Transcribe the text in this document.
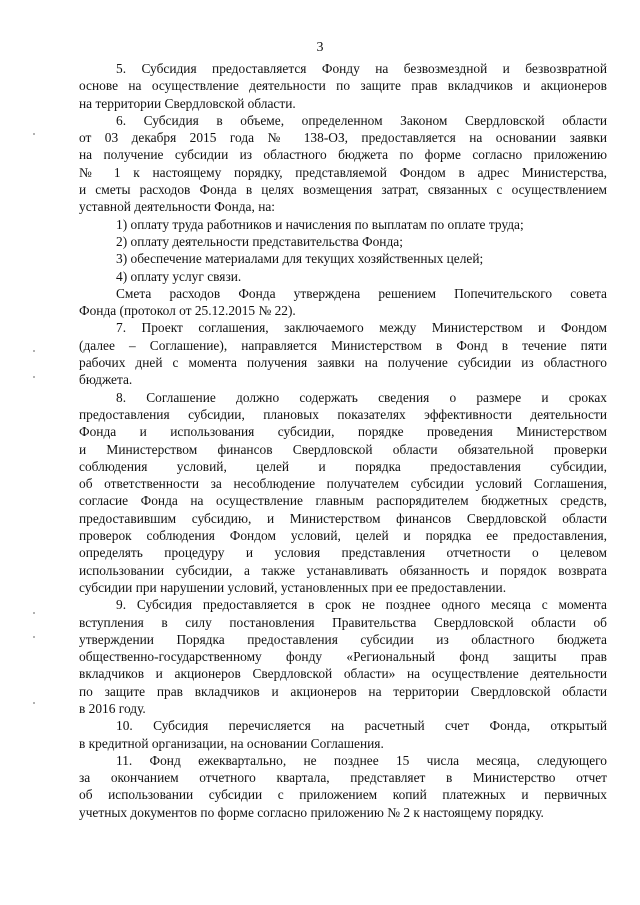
3
5. Субсидия предоставляется Фонду на безвозмездной и безвозвратной
основе на осуществление деятельности по защите прав вкладчиков и акционеров
на территории Свердловской области.
6. Субсидия в объеме, определенном Законом Свердловской области
от 03 декабря 2015 года № 138-ОЗ, предоставляется на основании заявки
на получение субсидии из областного бюджета по форме согласно приложению
№ 1 к настоящему порядку, представляемой Фондом в адрес Министерства,
и сметы расходов Фонда в целях возмещения затрат, связанных с осуществлением
уставной деятельности Фонда, на:
1) оплату труда работников и начисления по выплатам по оплате труда;
2) оплату деятельности представительства Фонда;
3) обеспечение материалами для текущих хозяйственных целей;
4) оплату услуг связи.
Смета расходов Фонда утверждена решением Попечительского совета
Фонда (протокол от 25.12.2015 № 22).
7. Проект соглашения, заключаемого между Министерством и Фондом
(далее – Соглашение), направляется Министерством в Фонд в течение пяти
рабочих дней с момента получения заявки на получение субсидии из областного
бюджета.
8. Соглашение должно содержать сведения о размере и сроках
предоставления субсидии, плановых показателях эффективности деятельности
Фонда и использования субсидии, порядке проведения Министерством
и Министерством финансов Свердловской области обязательной проверки
соблюдения условий, целей и порядка предоставления субсидии,
об ответственности за несоблюдение получателем субсидии условий Соглашения,
согласие Фонда на осуществление главным распорядителем бюджетных средств,
предоставившим субсидию, и Министерством финансов Свердловской области
проверок соблюдения Фондом условий, целей и порядка ее предоставления,
определять процедуру и условия представления отчетности о целевом
использовании субсидии, а также устанавливать обязанность и порядок возврата
субсидии при нарушении условий, установленных при ее предоставлении.
9. Субсидия предоставляется в срок не позднее одного месяца с момента
вступления в силу постановления Правительства Свердловской области об
утверждении Порядка предоставления субсидии из областного бюджета
общественно-государственному фонду «Региональный фонд защиты прав
вкладчиков и акционеров Свердловской области» на осуществление деятельности
по защите прав вкладчиков и акционеров на территории Свердловской области
в 2016 году.
10. Субсидия перечисляется на расчетный счет Фонда, открытый
в кредитной организации, на основании Соглашения.
11. Фонд ежеквартально, не позднее 15 числа месяца, следующего
за окончанием отчетного квартала, представляет в Министерство отчет
об использовании субсидии с приложением копий платежных и первичных
учетных документов по форме согласно приложению № 2 к настоящему порядку.
